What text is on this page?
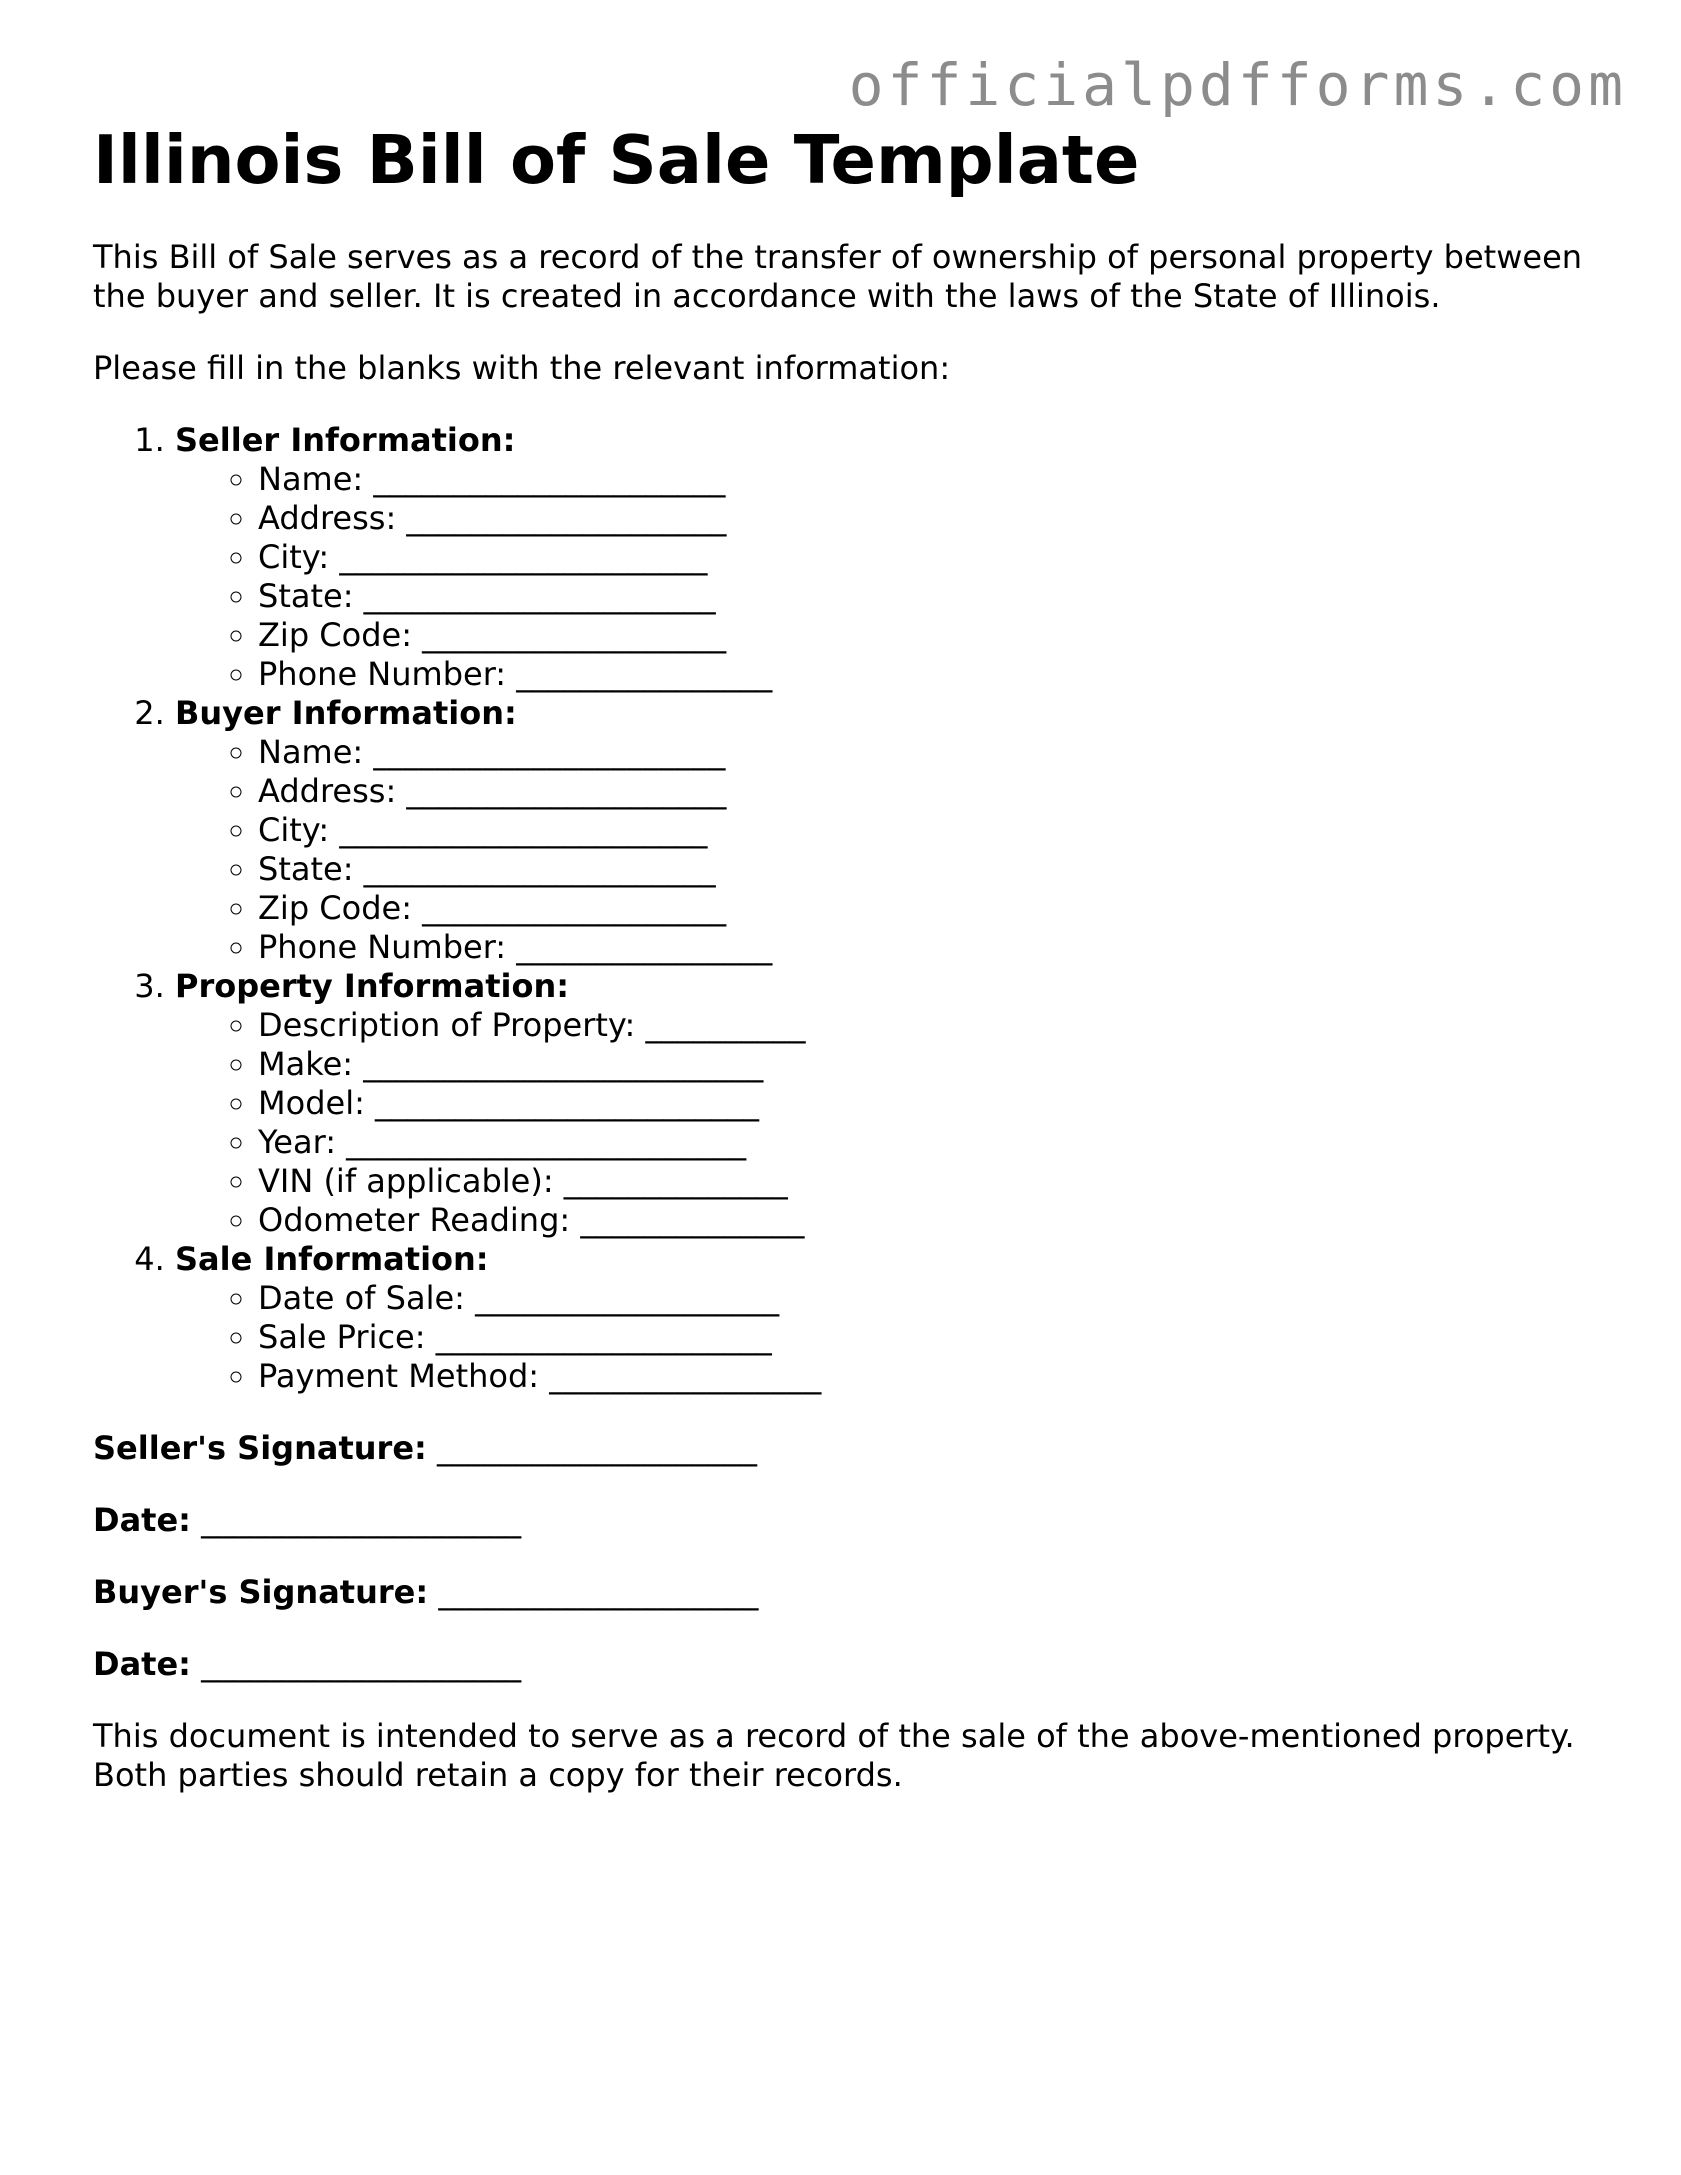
officialpdfforms.com
Illinois Bill of Sale Template

This Bill of Sale serves as a record of the transfer of ownership of personal property between the buyer and seller. It is created in accordance with the laws of the State of Illinois.

Please fill in the blanks with the relevant information:

1. Seller Information:
◦ Name: ______________________
◦ Address: ____________________
◦ City: _______________________
◦ State: ______________________
◦ Zip Code: ___________________
◦ Phone Number: ________________
2. Buyer Information:
◦ Name: ______________________
◦ Address: ____________________
◦ City: _______________________
◦ State: ______________________
◦ Zip Code: ___________________
◦ Phone Number: ________________
3. Property Information:
◦ Description of Property: __________
◦ Make: _________________________
◦ Model: ________________________
◦ Year: _________________________
◦ VIN (if applicable): ______________
◦ Odometer Reading: ______________
4. Sale Information:
◦ Date of Sale: ___________________
◦ Sale Price: _____________________
◦ Payment Method: _________________
Seller's Signature: ____________________
Date: ____________________
Buyer's Signature: ____________________
Date: ____________________

This document is intended to serve as a record of the sale of the above-mentioned property. Both parties should retain a copy for their records.
